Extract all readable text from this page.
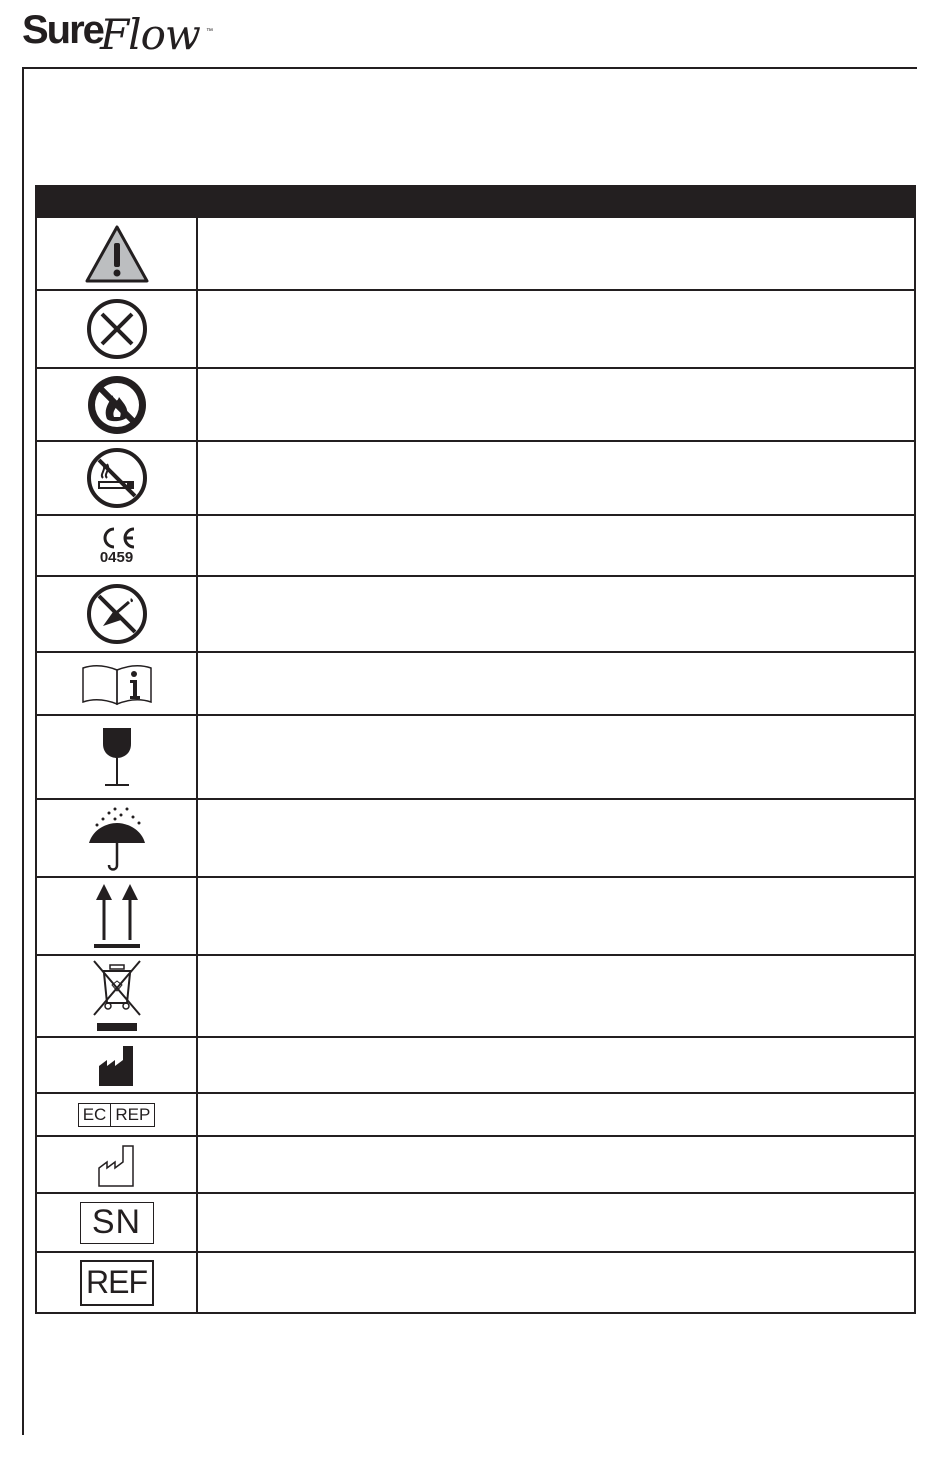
Sure
Flow ™
0459
EC REP
SN
REF
